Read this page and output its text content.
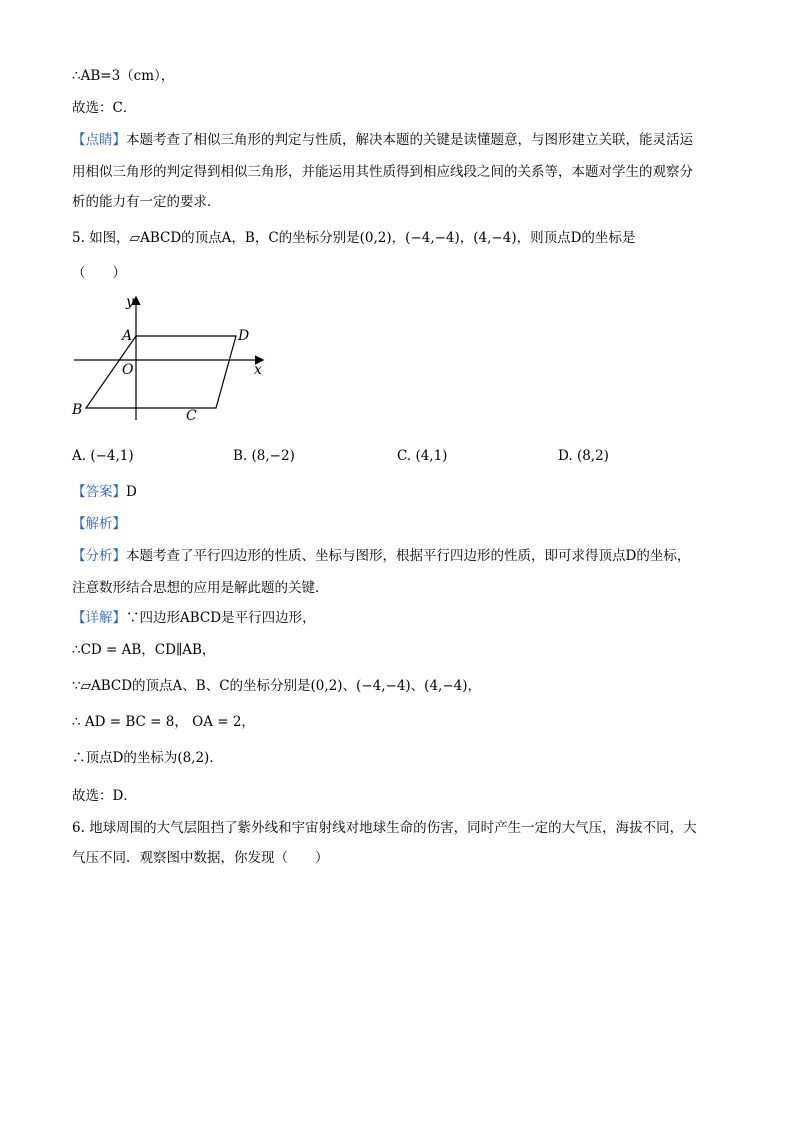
∴AB=3（cm），
故选：C．
【点睛】本题考查了相似三角形的判定与性质，解决本题的关键是读懂题意，与图形建立关联，能灵活运
用相似三角形的判定得到相似三角形，并能运用其性质得到相应线段之间的关系等，本题对学生的观察分
析的能力有一定的要求．
5. 如图，▱ABCD的顶点A，B，C的坐标分别是(0,2)，(−4,−4)，(4,−4)，则顶点D的坐标是
（　　）
y
A	D
O	x
B	C
A. (−4,1)	B. (8,−2)	C. (4,1)	D. (8,2)
【答案】D
【解析】
【分析】本题考查了平行四边形的性质、坐标与图形，根据平行四边形的性质，即可求得顶点D的坐标，
注意数形结合思想的应用是解此题的关键．
【详解】∵四边形ABCD是平行四边形，
∴CD = AB，CD∥AB，
∵▱ABCD的顶点A、B、C的坐标分别是(0,2)、(−4,−4)、(4,−4)，
∴ AD = BC = 8， OA = 2，
∴顶点D的坐标为(8,2)．
故选：D．
6. 地球周围的大气层阻挡了紫外线和宇宙射线对地球生命的伤害，同时产生一定的大气压，海拔不同，大
气压不同．观察图中数据，你发现（　　）
